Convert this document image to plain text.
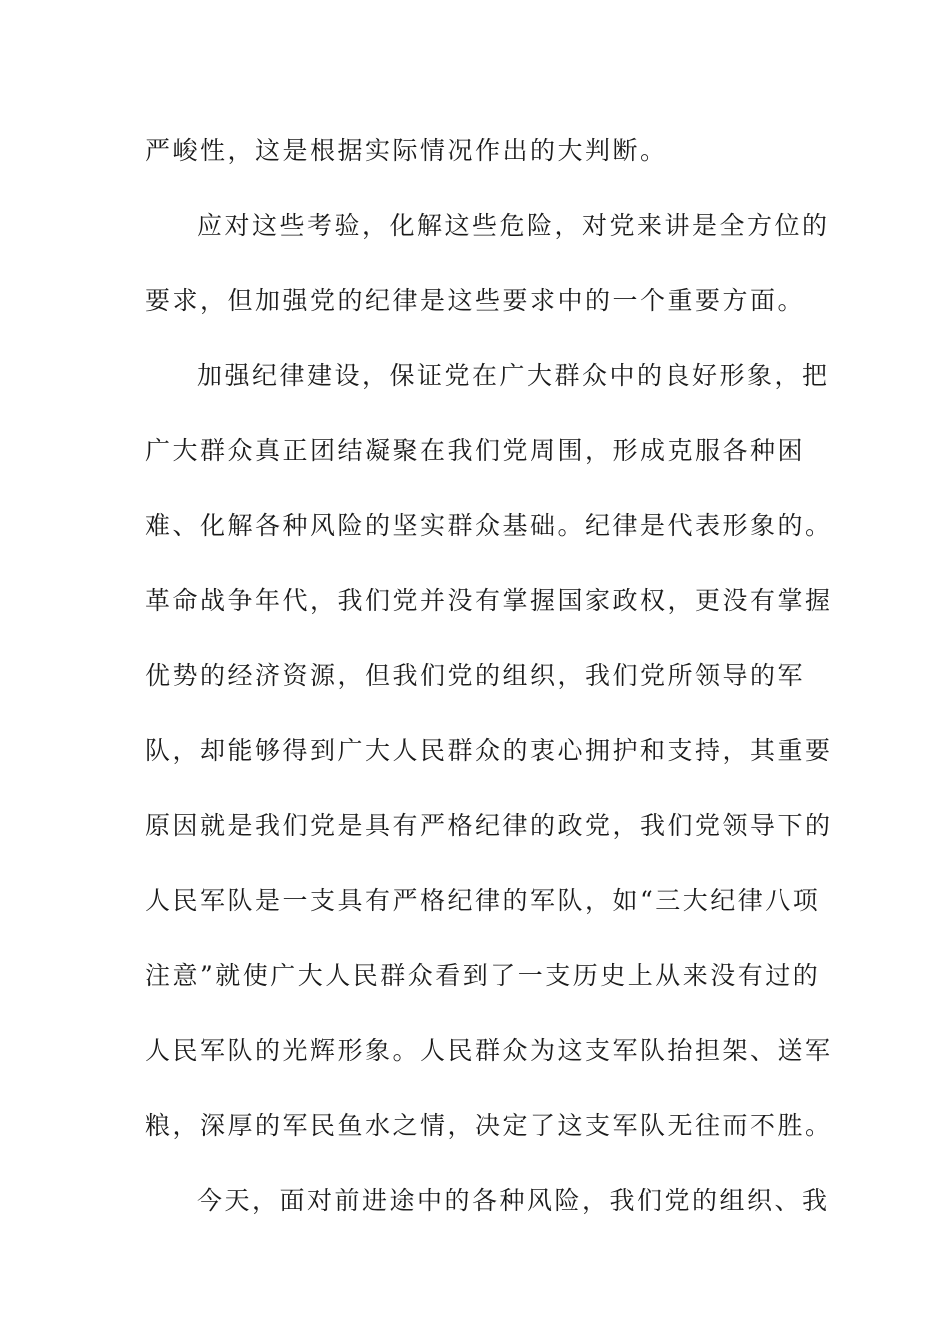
严峻性，这是根据实际情况作出的大判断。
应对这些考验，化解这些危险，对党来讲是全方位的
要求，但加强党的纪律是这些要求中的一个重要方面。
加强纪律建设，保证党在广大群众中的良好形象，把
广大群众真正团结凝聚在我们党周围，形成克服各种困
难、化解各种风险的坚实群众基础。纪律是代表形象的。
革命战争年代，我们党并没有掌握国家政权，更没有掌握
优势的经济资源，但我们党的组织，我们党所领导的军
队，却能够得到广大人民群众的衷心拥护和支持，其重要
原因就是我们党是具有严格纪律的政党，我们党领导下的
人民军队是一支具有严格纪律的军队，如“三大纪律八项
注意”就使广大人民群众看到了一支历史上从来没有过的
人民军队的光辉形象。人民群众为这支军队抬担架、送军
粮，深厚的军民鱼水之情，决定了这支军队无往而不胜。
今天，面对前进途中的各种风险，我们党的组织、我
